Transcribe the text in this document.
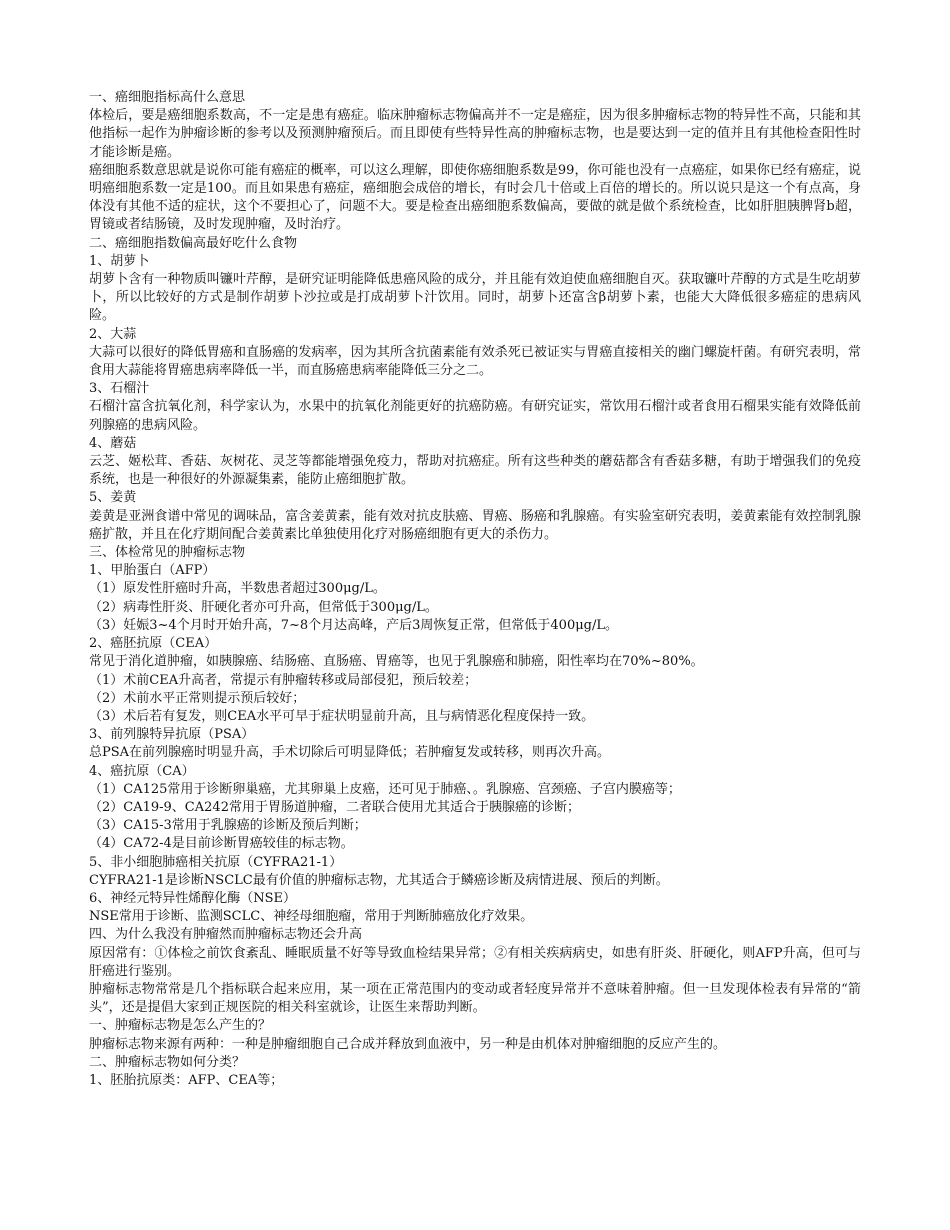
一、癌细胞指标高什么意思

体检后，要是癌细胞系数高，不一定是患有癌症。临床肿瘤标志物偏高并不一定是癌症，因为很多肿瘤标志物的特异性不高，只能和其他指标一起作为肿瘤诊断的参考以及预测肿瘤预后。而且即使有些特异性高的肿瘤标志物，也是要达到一定的值并且有其他检查阳性时才能诊断是癌。

癌细胞系数意思就是说你可能有癌症的概率，可以这么理解，即使你癌细胞系数是99，你可能也没有一点癌症，如果你已经有癌症，说明癌细胞系数一定是100。而且如果患有癌症，癌细胞会成倍的增长，有时会几十倍或上百倍的增长的。所以说只是这一个有点高，身体没有其他不适的症状，这个不要担心了，问题不大。要是检查出癌细胞系数偏高，要做的就是做个系统检查，比如肝胆胰脾肾b超，胃镜或者结肠镜，及时发现肿瘤，及时治疗。

二、癌细胞指数偏高最好吃什么食物

1、胡萝卜

胡萝卜含有一种物质叫镰叶芹醇，是研究证明能降低患癌风险的成分，并且能有效迫使血癌细胞自灭。获取镰叶芹醇的方式是生吃胡萝卜，所以比较好的方式是制作胡萝卜沙拉或是打成胡萝卜汁饮用。同时，胡萝卜还富含β胡萝卜素，也能大大降低很多癌症的患病风险。

2、大蒜

大蒜可以很好的降低胃癌和直肠癌的发病率，因为其所含抗菌素能有效杀死已被证实与胃癌直接相关的幽门螺旋杆菌。有研究表明，常食用大蒜能将胃癌患病率降低一半，而直肠癌患病率能降低三分之二。

3、石榴汁

石榴汁富含抗氧化剂，科学家认为，水果中的抗氧化剂能更好的抗癌防癌。有研究证实，常饮用石榴汁或者食用石榴果实能有效降低前列腺癌的患病风险。

4、蘑菇

云芝、姬松茸、香菇、灰树花、灵芝等都能增强免疫力，帮助对抗癌症。所有这些种类的蘑菇都含有香菇多糖，有助于增强我们的免疫系统，也是一种很好的外源凝集素，能防止癌细胞扩散。

5、姜黄

姜黄是亚洲食谱中常见的调味品，富含姜黄素，能有效对抗皮肤癌、胃癌、肠癌和乳腺癌。有实验室研究表明，姜黄素能有效控制乳腺癌扩散，并且在化疗期间配合姜黄素比单独使用化疗对肠癌细胞有更大的杀伤力。

三、体检常见的肿瘤标志物

1、甲胎蛋白（AFP）

（1）原发性肝癌时升高，半数患者超过300μg/L。

（2）病毒性肝炎、肝硬化者亦可升高，但常低于300μg/L。

（3）妊娠3~4个月时开始升高，7~8个月达高峰，产后3周恢复正常，但常低于400μg/L。

2、癌胚抗原（CEA）

常见于消化道肿瘤，如胰腺癌、结肠癌、直肠癌、胃癌等，也见于乳腺癌和肺癌，阳性率均在70%~80%。

（1）术前CEA升高者，常提示有肿瘤转移或局部侵犯，预后较差；

（2）术前水平正常则提示预后较好；

（3）术后若有复发，则CEA水平可早于症状明显前升高，且与病情恶化程度保持一致。

3、前列腺特异抗原（PSA）

总PSA在前列腺癌时明显升高，手术切除后可明显降低；若肿瘤复发或转移，则再次升高。

4、癌抗原（CA）

（1）CA125常用于诊断卵巢癌，尤其卵巢上皮癌，还可见于肺癌、。乳腺癌、宫颈癌、子宫内膜癌等；

（2）CA19-9、CA242常用于胃肠道肿瘤，二者联合使用尤其适合于胰腺癌的诊断；

（3）CA15-3常用于乳腺癌的诊断及预后判断；

（4）CA72-4是目前诊断胃癌较佳的标志物。

5、非小细胞肺癌相关抗原（CYFRA21-1）

CYFRA21-1是诊断NSCLC最有价值的肿瘤标志物，尤其适合于鳞癌诊断及病情进展、预后的判断。

6、神经元特异性烯醇化酶（NSE）

NSE常用于诊断、监测SCLC、神经母细胞瘤，常用于判断肺癌放化疗效果。

四、为什么我没有肿瘤然而肿瘤标志物还会升高

原因常有：①体检之前饮食紊乱、睡眠质量不好等导致血检结果异常；②有相关疾病病史，如患有肝炎、肝硬化，则AFP升高，但可与肝癌进行鉴别。

肿瘤标志物常常是几个指标联合起来应用，某一项在正常范围内的变动或者轻度异常并不意味着肿瘤。但一旦发现体检表有异常的“箭头”，还是提倡大家到正规医院的相关科室就诊，让医生来帮助判断。

一、肿瘤标志物是怎么产生的？

肿瘤标志物来源有两种：一种是肿瘤细胞自己合成并释放到血液中，另一种是由机体对肿瘤细胞的反应产生的。

二、肿瘤标志物如何分类？

1、胚胎抗原类：AFP、CEA等；
